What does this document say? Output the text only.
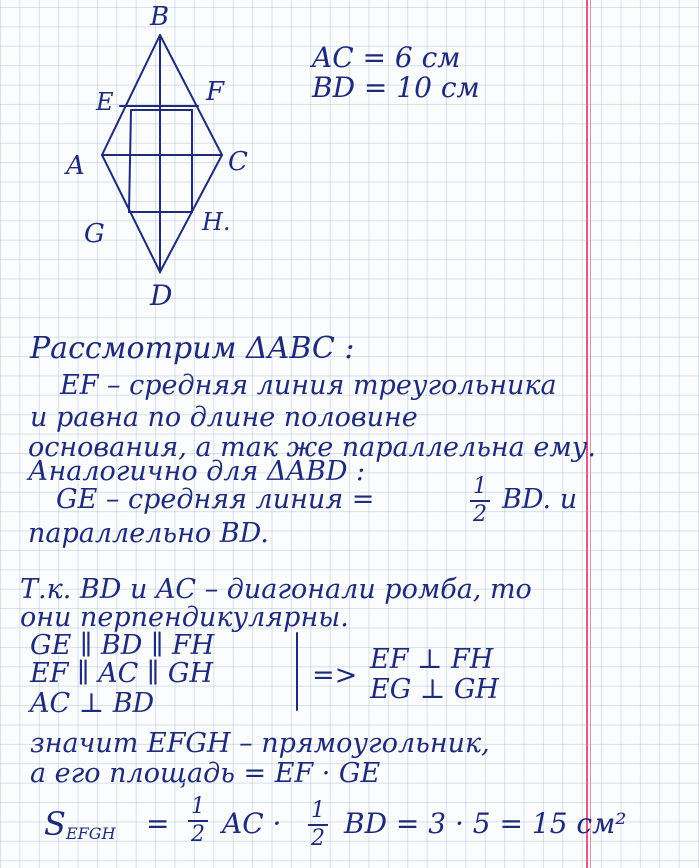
B
E	F
A	C
G	H.
D
AC = 6 см
BD = 10 см
Рассмотрим ΔABC :
EF – средняя линия треугольника
и равна по длине половине
основания, а так же параллельна ему.
Аналогично для ΔABD :
GE – средняя линия =	1
2 BD. и
параллельно BD.
Т.к. BD и AC – диагонали ромба, то
они перпендикулярны.
GE ∥ BD ∥ FH
EF ∥ AC ∥ GH
AC ⊥ BD
=>
EF ⊥ FH
EG ⊥ GH
значит EFGH – прямоугольник,
а его площадь = EF · GE
S EFGH =
1
2 AC · 1
2 BD = 3 · 5 = 15 см²
